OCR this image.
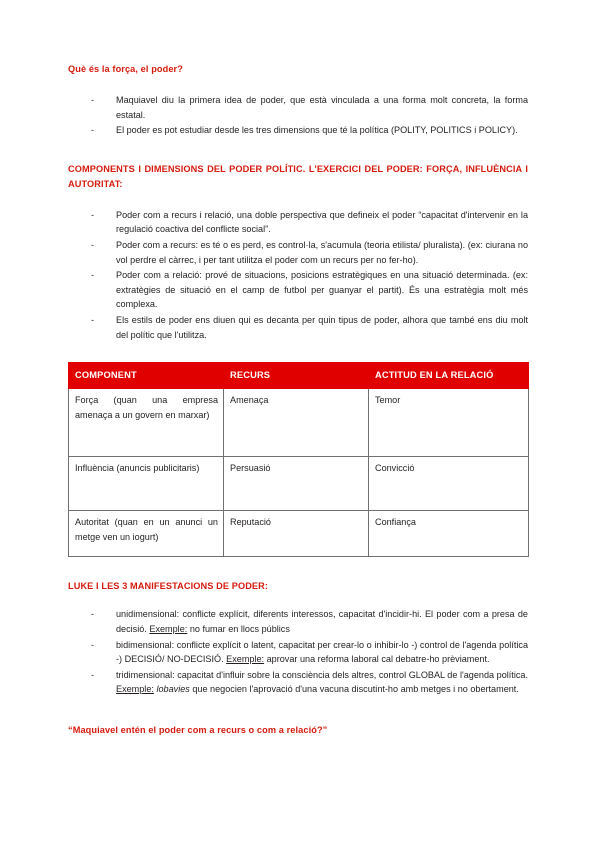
Què és la força, el poder?

- Maquiavel diu la primera idea de poder, que està vinculada a una forma molt concreta, la forma estatal.
- El poder es pot estudiar desde les tres dimensions que té la política (POLITY, POLITICS i POLICY).

COMPONENTS I DIMENSIONS DEL PODER POLÍTIC. L'EXERCICI DEL PODER: FORÇA, INFLUÈNCIA I AUTORITAT:

- Poder com a recurs i relació, una doble perspectiva que defineix el poder “capacitat d'intervenir en la regulació coactiva del conflicte social”.
- Poder com a recurs: es té o es perd, es control·la, s'acumula (teoria etilista/ pluralista). (ex: ciurana no vol perdre el càrrec, i per tant utilitza el poder com un recurs per no fer-ho).
- Poder com a relació: prové de situacions, posicions estratègiques en una situació determinada. (ex: extratègies de situació en el camp de futbol per guanyar el partit). És una estratègia molt més complexa.
- Els estils de poder ens diuen qui es decanta per quin tipus de poder, alhora que també ens diu molt del polític que l'utilitza.
COMPONENT	RECURS	ACTITUD EN LA RELACIÓ
Força (quan una empresa amenaça a un govern en marxar)	Amenaça	Temor
Influència (anuncis publicitaris)	Persuasió	Convicció
Autoritat (quan en un anunci un metge ven un iogurt)	Reputació	Confiança

LUKE I LES 3 MANIFESTACIONS DE PODER:

- unidimensional: conflicte explícit, diferents interessos, capacitat d'incidir-hi. El poder com a presa de decisió. Exemple: no fumar en llocs públics
- bidimensional: conflicte explícit o latent, capacitat per crear-lo o inhibir-lo -) control de l'agenda política -) DECISIÓ/ NO-DECISIÓ. Exemple: aprovar una reforma laboral cal debatre-ho prèviament.
- tridimensional: capacitat d'influir sobre la consciència dels altres, control GLOBAL de l'agenda política. Exemple: lobavies que negocien l'aprovació d'una vacuna discutint-ho amb metges i no obertament.

“Maquiavel entén el poder com a recurs o com a relació?”
